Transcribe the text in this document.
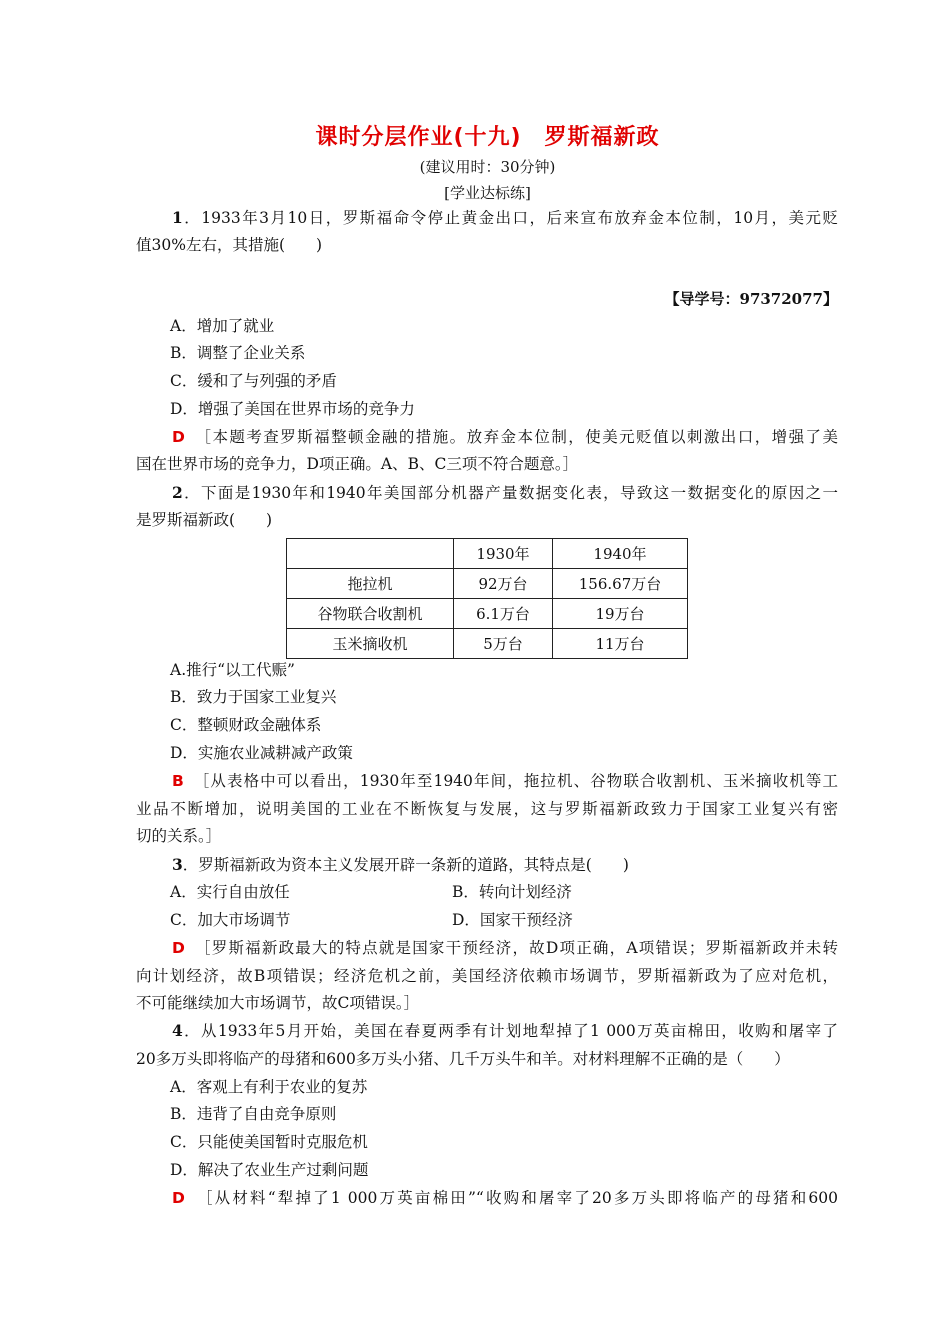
课时分层作业(十九)　罗斯福新政
(建议用时：30分钟)
[学业达标练]
1．1933年3月10日，罗斯福命令停止黄金出口，后来宣布放弃金本位制，10月，美元贬
值30%左右，其措施(　　)
【导学号：97372077】
A．增加了就业
B．调整了企业关系
C．缓和了与列强的矛盾
D．增强了美国在世界市场的竞争力
D　 ［本题考查罗斯福整顿金融的措施。放弃金本位制，使美元贬值以刺激出口，增强了美
国在世界市场的竞争力，D项正确。A、B、C三项不符合题意。］
2．下面是1930年和1940年美国部分机器产量数据变化表，导致这一数据变化的原因之一
是罗斯福新政(　　)
	1930年	1940年
拖拉机	92万台	156.67万台
谷物联合收割机	6.1万台	19万台
玉米摘收机	5万台	11万台
A.推行“以工代赈”
B．致力于国家工业复兴
C．整顿财政金融体系
D．实施农业减耕减产政策
B　 ［从表格中可以看出，1930年至1940年间，拖拉机、谷物联合收割机、玉米摘收机等工
业品不断增加，说明美国的工业在不断恢复与发展，这与罗斯福新政致力于国家工业复兴有密
切的关系。］
3．罗斯福新政为资本主义发展开辟一条新的道路，其特点是(　　)
A．实行自由放任	B．转向计划经济
C．加大市场调节	D．国家干预经济
D　 ［罗斯福新政最大的特点就是国家干预经济，故D项正确，A项错误；罗斯福新政并未转
向计划经济，故B项错误；经济危机之前，美国经济依赖市场调节，罗斯福新政为了应对危机，
不可能继续加大市场调节，故C项错误。］
4．从1933年5月开始，美国在春夏两季有计划地犁掉了1 000万英亩棉田，收购和屠宰了
20多万头即将临产的母猪和600多万头小猪、几千万头牛和羊。对材料理解不正确的是（　　）
A．客观上有利于农业的复苏
B．违背了自由竞争原则
C．只能使美国暂时克服危机
D．解决了农业生产过剩问题
D　 ［从材料“犁掉了1 000万英亩棉田”“收购和屠宰了20多万头即将临产的母猪和600
